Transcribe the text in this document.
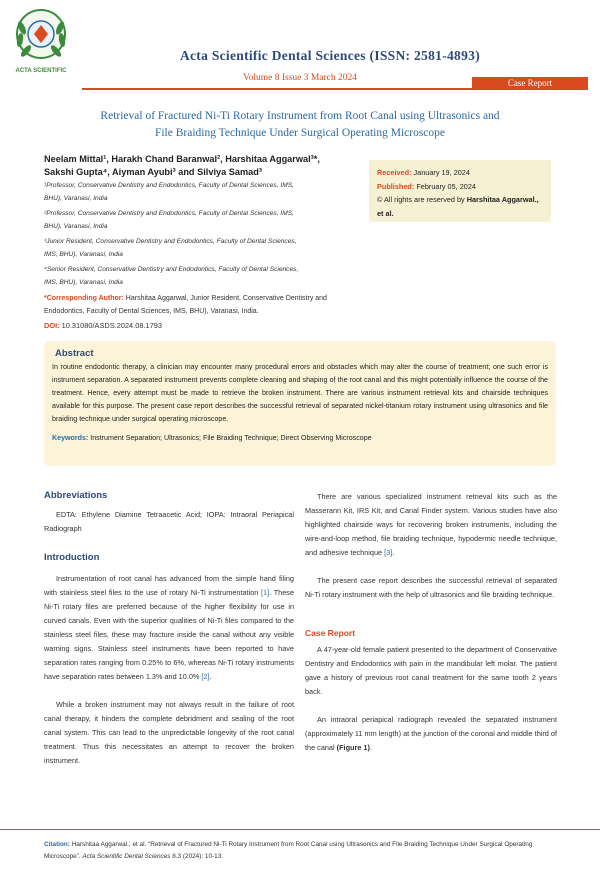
ACTA SCIENTIFIC
Acta Scientific Dental Sciences (ISSN: 2581-4893)
Volume 8 Issue 3 March 2024	Case Report
Retrieval of Fractured Ni-Ti Rotary Instrument from Root Canal using Ultrasonics and
File Braiding Technique Under Surgical Operating Microscope
Neelam Mittal¹, Harakh Chand Baranwal², Harshitaa Aggarwal³*,
Sakshi Gupta⁴, Aiyman Ayubi³ and Silviya Samad³
¹Professor, Conservative Dentistry and Endodontics, Faculty of Dental Sciences, IMS,
BHU), Varanasi, India
²Professor, Conservative Dentistry and Endodontics, Faculty of Dental Sciences, IMS,
BHU), Varanasi, India
³Junior Resident, Conservative Dentistry and Endodontics, Faculty of Dental Sciences,
IMS, BHU), Varanasi, India
⁴Senior Resident, Conservative Dentistry and Endodontics, Faculty of Dental Sciences,
IMS, BHU), Varanasi, India
*Corresponding Author: Harshitaa Aggarwal, Junior Resident, Conservative Dentistry and Endodontics, Faculty of Dental Sciences, IMS, BHU), Varanasi, India.
DOI: 10.31080/ASDS.2024.08.1793
Received: January 19, 2024
Published: February 05, 2024
© All rights are reserved by Harshitaa Aggarwal., et al.
Abstract
In routine endodontic therapy, a clinician may encounter many procedural errors and obstacles which may alter the course of treatment; one such error is instrument separation. A separated instrument prevents complete cleaning and shaping of the root canal and this might potentially influence the course of the treatment. Hence, every attempt must be made to retrieve the broken instrument. There are various instrument retrieval kits and chairside techniques available for this purpose. The present case report describes the successful retrieval of separated nickel-titanium rotary instrument using ultrasonics and file braiding technique under surgical operating microscope.
Keywords: Instrument Separation; Ultrasonics; File Braiding Technique; Direct Observing Microscope
Abbreviations

EDTA: Ethylene Diamine Tetraacetic Acid; IOPA: Intraoral Periapical Radiograph

Introduction

Instrumentation of root canal has advanced from the simple hand filing with stainless steel files to the use of rotary Ni-Ti instrumentation [1]. These Ni-Ti rotary files are preferred because of the higher flexibility for use in curved canals. Even with the superior qualities of Ni-Ti files compared to the stainless steel files, these may fracture inside the canal without any visible warning signs. Stainless steel instruments have been reported to have separation rates ranging from 0.25% to 6%, whereas Ni-Ti rotary instruments have separation rates between 1.3% and 10.0% [2].

While a broken instrument may not always result in the failure of root canal therapy, it hinders the complete debridment and sealing of the root canal system. This can lead to the unpredictable longevity of the root canal treatment. Thus this necessitates an attempt to recover the broken instrument.

There are various specialized instrument retrieval kits such as the Masserann Kit, IRS Kit, and Canal Finder system. Various studies have also highlighted chairside ways for recovering broken instruments, including the wire-and-loop method, file braiding technique, hypodermic needle technique, and adhesive technique [3].

The present case report describes the successful retrieval of separated Ni-Ti rotary instrument with the help of ultrasonics and file braiding technique.

Case Report

A 47-year-old female patient presented to the department of Conservative Dentistry and Endodontics with pain in the mandibular left molar. The patient gave a history of previous root canal treatment for the same tooth 2 years back.

An intraoral periapical radiograph revealed the separated instrument (approximately 11 mm length) at the junction of the coronal and middle third of the canal (Figure 1).

Citation: Harshitaa Aggarwal., et al. “Retrieval of Fractured Ni-Ti Rotary Instrument from Root Canal using Ultrasonics and File Braiding Technique Under Surgical Operating Microscope”. Acta Scientific Dental Sciences 8.3 (2024): 10-13.
